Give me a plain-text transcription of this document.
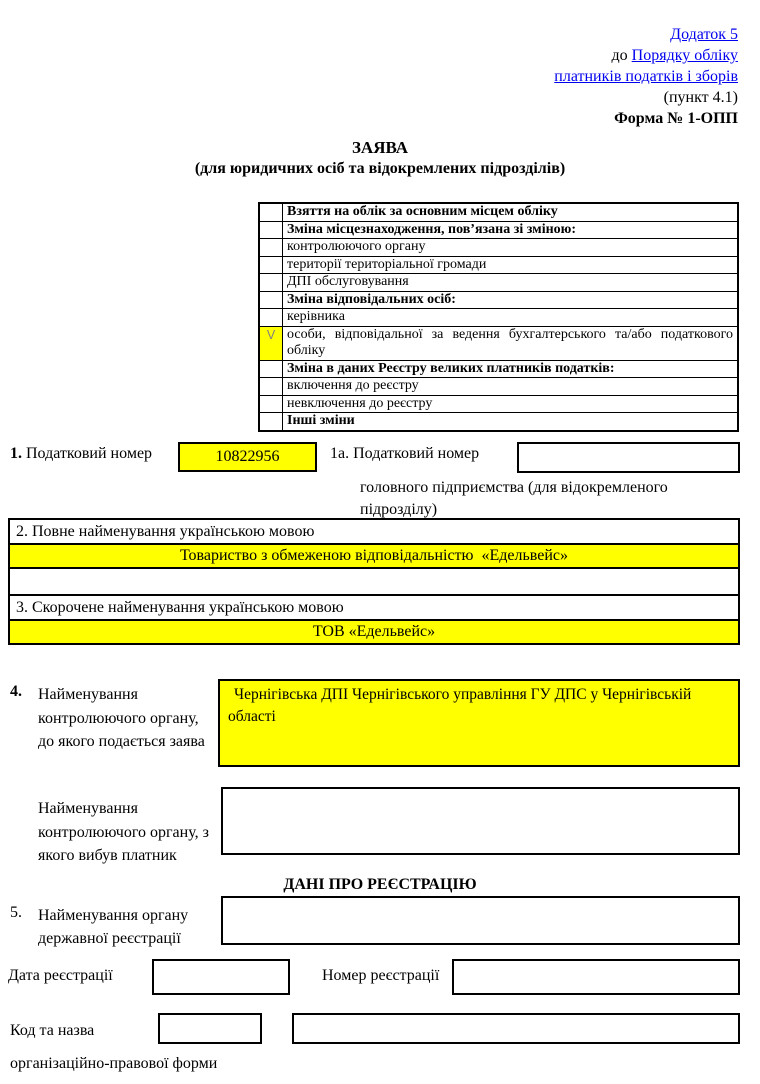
Додаток 5
до Порядку обліку
платників податків і зборів
(пункт 4.1)
Форма № 1-ОПП
ЗАЯВА
(для юридичних осіб та відокремлених підрозділів)
	Взяття на облік за основним місцем обліку
	Зміна місцезнаходження, пов’язана зі зміною:
	контролюючого органу
	території територіальної громади
	ДПІ обслуговування
	Зміна відповідальних осіб:
	керівника
V	особи, відповідальної за ведення бухгалтерського та/або податкового обліку
	Зміна в даних Реєстру великих платників податків:
	включення до реєстру
	невключення до реєстру
	Інші зміни
1. Податковий номер	10822956	1а. Податковий номер
головного підприємства (для відокремленого підрозділу)
2. Повне найменування українською мовою
Товариство з обмеженою відповідальністю  «Едельвейс»
3. Скорочене найменування українською мовою
ТОВ «Едельвейс»
4. Найменування контролюючого органу, до якого подається заява
Чернігівська ДПІ Чернігівського управління ГУ ДПС у Чернігівській області
Найменування контролюючого органу, з якого вибув платник
ДАНІ ПРО РЕЄСТРАЦІЮ
5. Найменування органу державної реєстрації
Дата реєстрації	Номер реєстрації
Код та назва
організаційно-правової форми
